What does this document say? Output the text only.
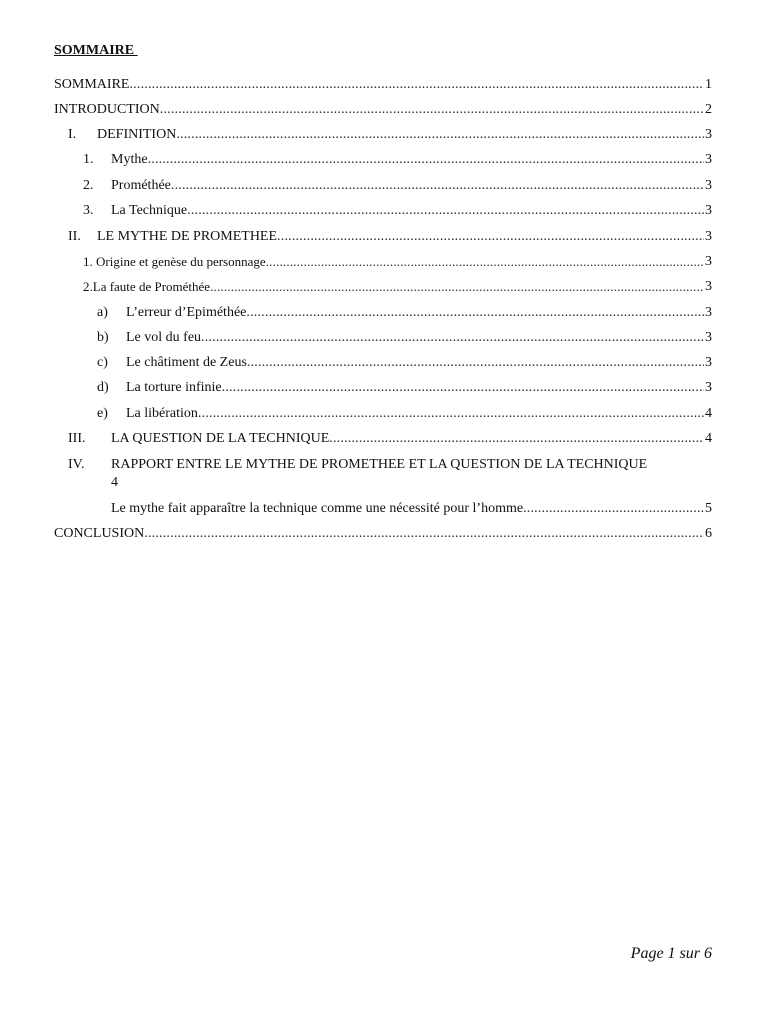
SOMMAIRE
SOMMAIRE .....	1
INTRODUCTION .....	2
I.	DEFINITION .....	3
1.	Mythe .....	3
2.	Prométhée .....	3
3.	La Technique .....	3
II.	LE MYTHE DE PROMETHEE .....	3
1. Origine et genèse du personnage .....	3
2.La faute de Prométhée .....	3
a)	L’erreur d’Epiméthée .....	3
b)	Le vol du feu .....	3
c)	Le châtiment de Zeus .....	3
d)	La torture infinie .....	3
e)	La libération .....	4
III.	LA QUESTION DE LA TECHNIQUE .....	4
IV. RAPPORT ENTRE LE MYTHE DE PROMETHEE ET LA QUESTION DE LA TECHNIQUE
4
Le mythe fait apparaître la technique comme une nécessité pour l’homme .....	5
CONCLUSION .....	6
Page 1 sur 6
